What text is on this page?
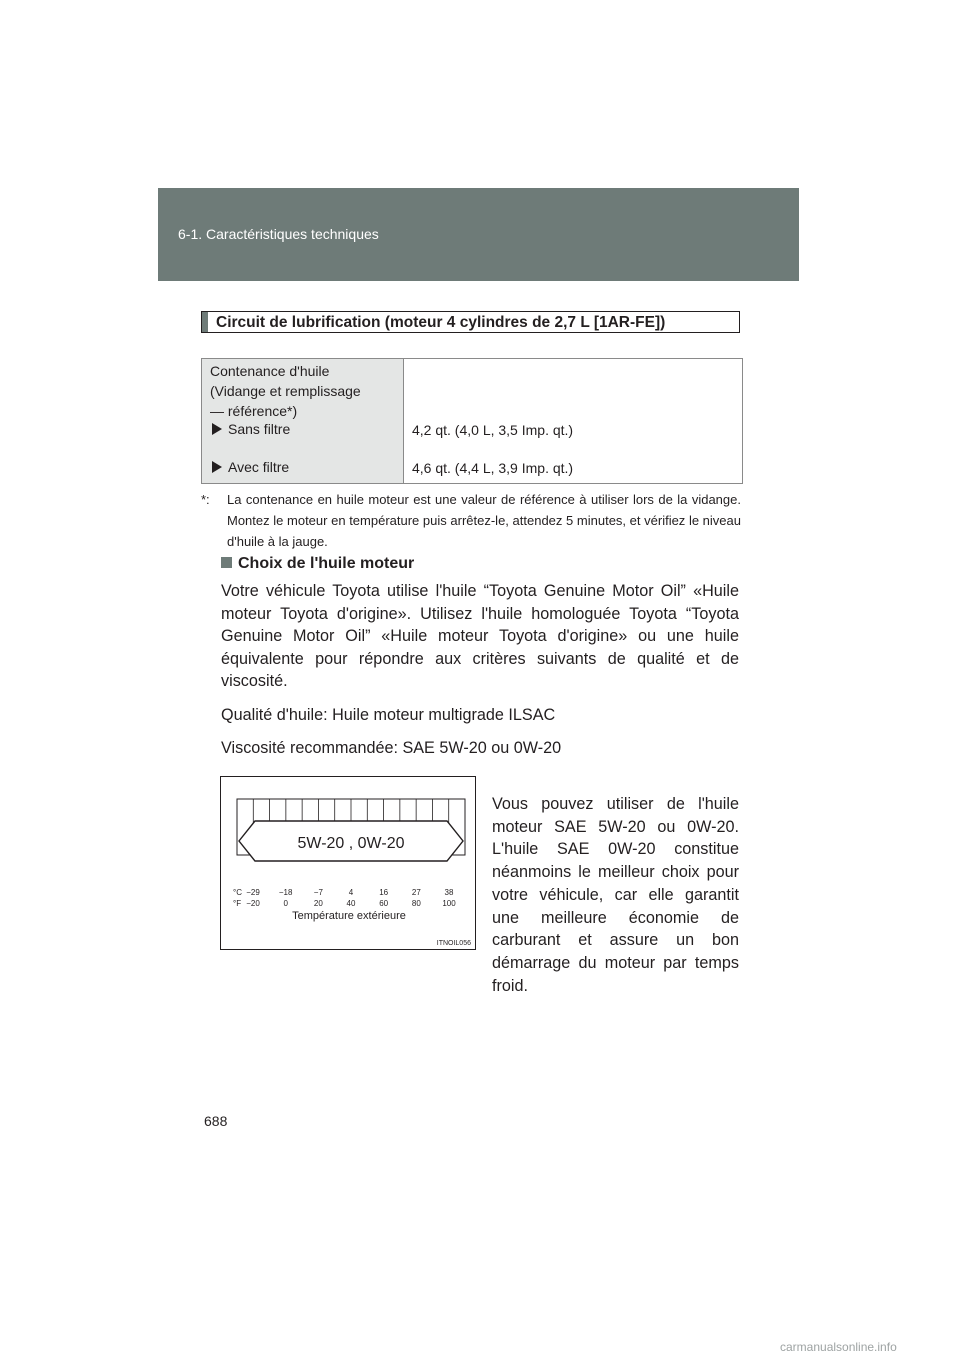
6-1. Caractéristiques techniques
Circuit de lubrification (moteur 4 cylindres de 2,7 L [1AR-FE])
Contenance d'huile
(Vidange et remplissage
— référence*)
Sans filtre	4,2 qt. (4,0 L, 3,5 Imp. qt.)
Avec filtre	4,6 qt. (4,4 L, 3,9 Imp. qt.)
*: La contenance en huile moteur est une valeur de référence à utiliser lors de la vidange. Montez le moteur en température puis arrêtez-le, attendez 5 minutes, et vérifiez le niveau d'huile à la jauge.
Choix de l'huile moteur

Votre véhicule Toyota utilise l'huile “Toyota Genuine Motor Oil” «Huile moteur Toyota d'origine». Utilisez l'huile homologuée Toyota “Toyota Genuine Motor Oil” «Huile moteur Toyota d'origine» ou une huile équivalente pour répondre aux critères suivants de qualité et de viscosité.

Qualité d'huile: Huile moteur multigrade ILSAC

Viscosité recommandée: SAE 5W-20 ou 0W-20

5W-20 , 0W-20
°C
°F
−29 −18	−7	4	16	27	38
−20	0	20	40	60	80	100
Température extérieure
ITNOIL056

Vous pouvez utiliser de l'huile moteur SAE 5W-20 ou 0W-20. L'huile SAE 0W-20 constitue néanmoins le meilleur choix pour votre véhicule, car elle garantit une meilleure économie de carburant et assure un bon démarrage du moteur par temps froid.

688
carmanualsonline.info
